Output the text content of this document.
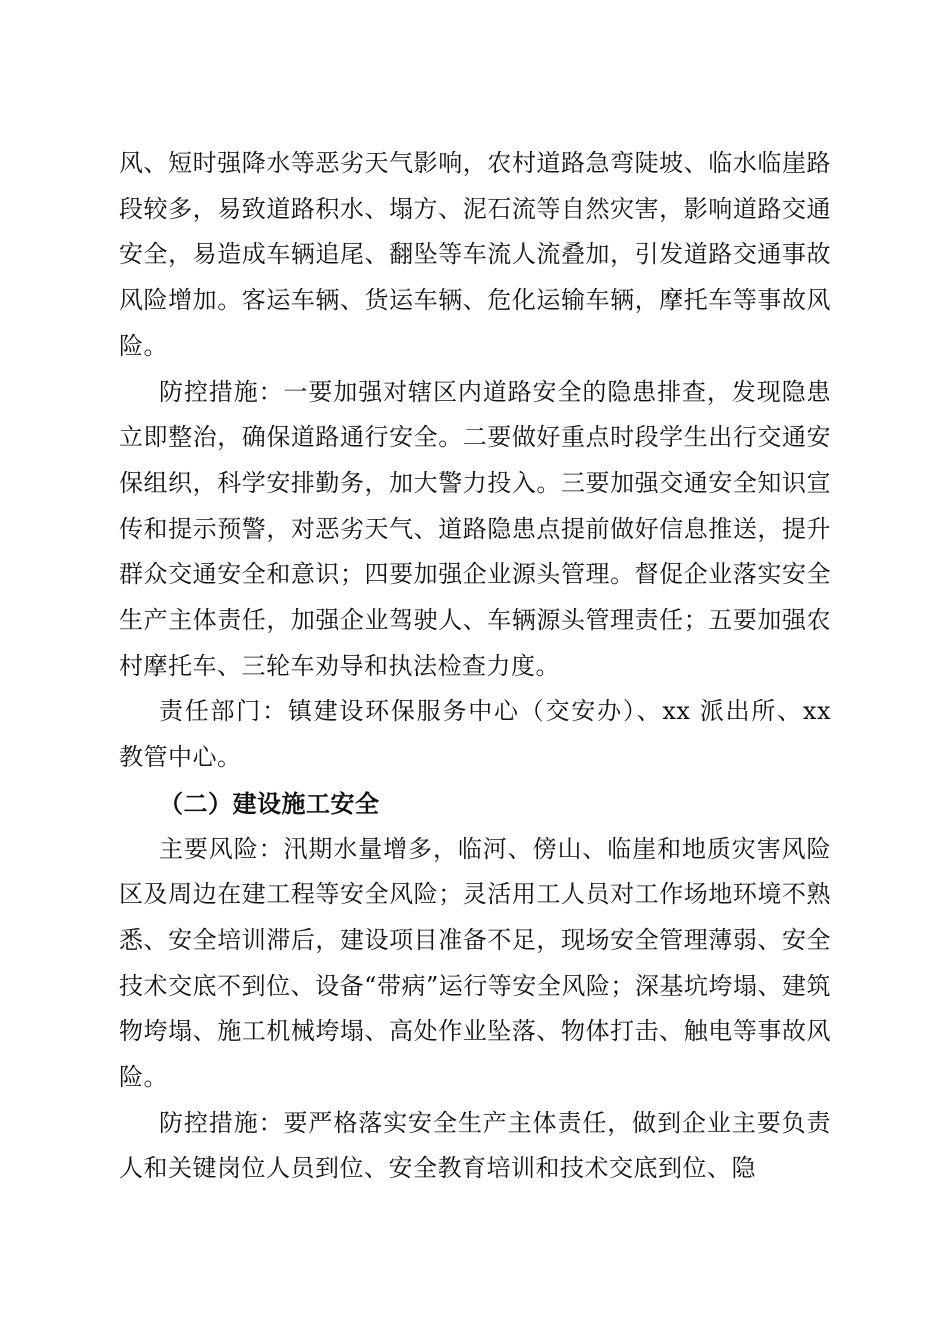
风、短时强降水等恶劣天气影响，农村道路急弯陡坡、临水临崖路段较多，易致道路积水、塌方、泥石流等自然灾害，影响道路交通安全，易造成车辆追尾、翻坠等车流人流叠加，引发道路交通事故风险增加。客运车辆、货运车辆、危化运输车辆，摩托车等事故风险。

防控措施：一要加强对辖区内道路安全的隐患排查，发现隐患立即整治，确保道路通行安全。二要做好重点时段学生出行交通安保组织，科学安排勤务，加大警力投入。三要加强交通安全知识宣传和提示预警，对恶劣天气、道路隐患点提前做好信息推送，提升群众交通安全和意识；四要加强企业源头管理。督促企业落实安全生产主体责任，加强企业驾驶人、车辆源头管理责任；五要加强农村摩托车、三轮车劝导和执法检查力度。

责任部门：镇建设环保服务中心（交安办）、xx 派出所、xx 教管中心。

（二）建设施工安全

主要风险：汛期水量增多，临河、傍山、临崖和地质灾害风险区及周边在建工程等安全风险；灵活用工人员对工作场地环境不熟悉、安全培训滞后，建设项目准备不足，现场安全管理薄弱、安全技术交底不到位、设备“带病”运行等安全风险；深基坑垮塌、建筑物垮塌、施工机械垮塌、高处作业坠落、物体打击、触电等事故风险。

防控措施：要严格落实安全生产主体责任，做到企业主要负责人和关键岗位人员到位、安全教育培训和技术交底到位、隐
